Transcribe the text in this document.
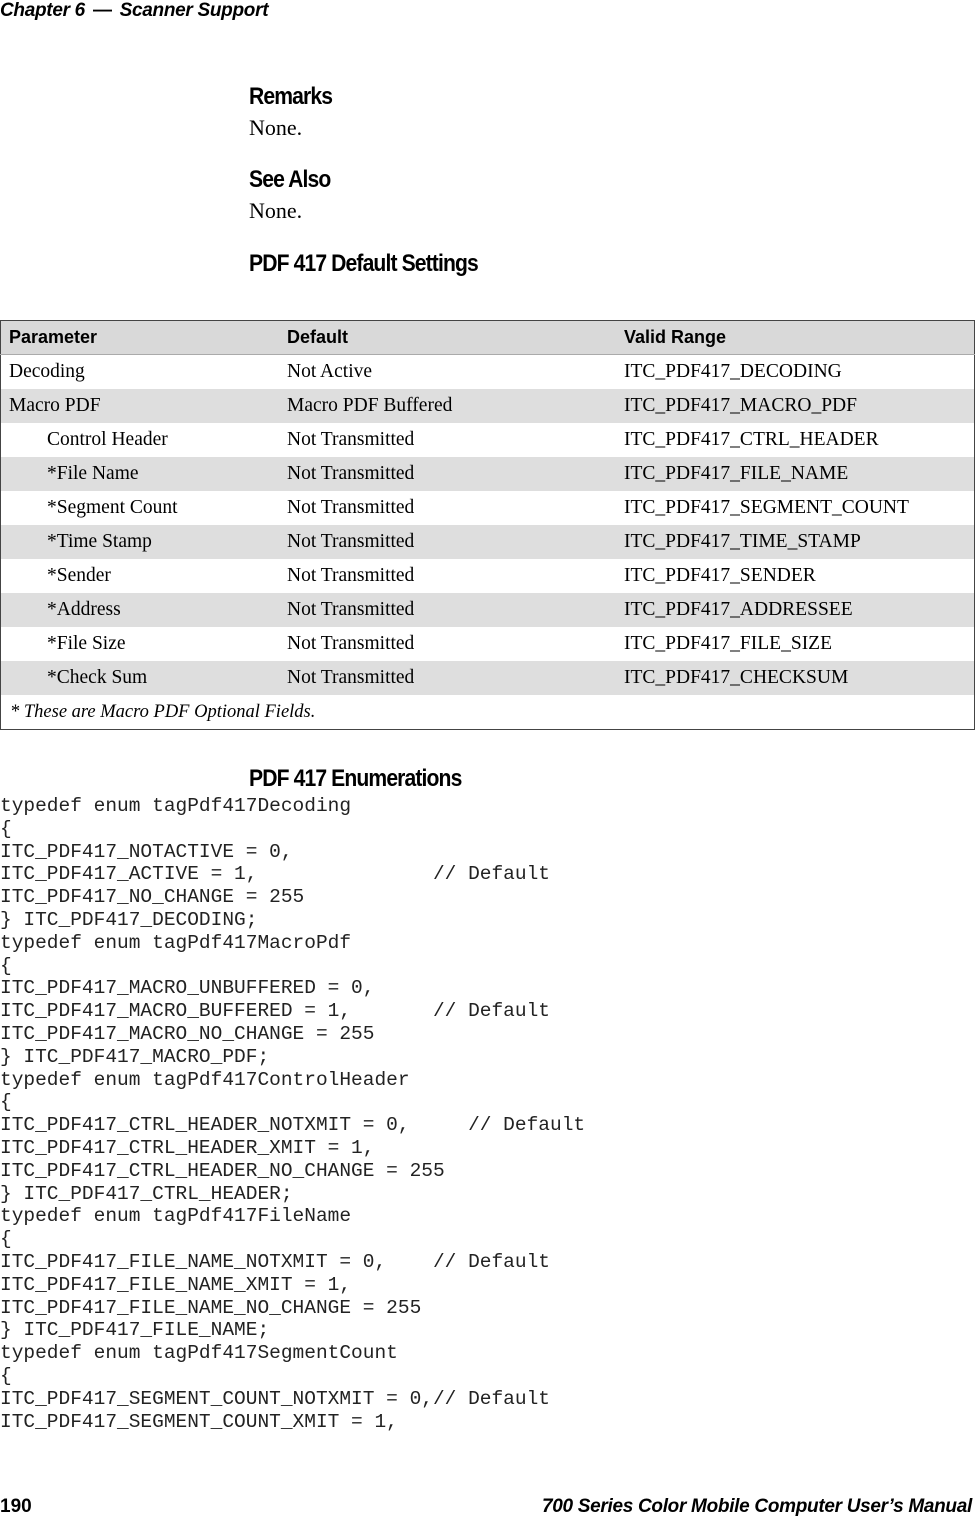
Chapter 6 — Scanner Support
Remarks
None.
See Also
None.
PDF 417 Default Settings
Parameter	Default	Valid Range
Decoding	Not Active	ITC_PDF417_DECODING
Macro PDF	Macro PDF Buffered	ITC_PDF417_MACRO_PDF
Control Header	Not Transmitted	ITC_PDF417_CTRL_HEADER
*File Name	Not Transmitted	ITC_PDF417_FILE_NAME
*Segment Count	Not Transmitted	ITC_PDF417_SEGMENT_COUNT
*Time Stamp	Not Transmitted	ITC_PDF417_TIME_STAMP
*Sender	Not Transmitted	ITC_PDF417_SENDER
*Address	Not Transmitted	ITC_PDF417_ADDRESSEE
*File Size	Not Transmitted	ITC_PDF417_FILE_SIZE
*Check Sum	Not Transmitted	ITC_PDF417_CHECKSUM
* These are Macro PDF Optional Fields.		
PDF 417 Enumerations
typedef enum tagPdf417Decoding
{
ITC_PDF417_NOTACTIVE = 0,
ITC_PDF417_ACTIVE = 1,               // Default
ITC_PDF417_NO_CHANGE = 255
} ITC_PDF417_DECODING;
typedef enum tagPdf417MacroPdf
{
ITC_PDF417_MACRO_UNBUFFERED = 0,
ITC_PDF417_MACRO_BUFFERED = 1,       // Default
ITC_PDF417_MACRO_NO_CHANGE = 255
} ITC_PDF417_MACRO_PDF;
typedef enum tagPdf417ControlHeader
{
ITC_PDF417_CTRL_HEADER_NOTXMIT = 0,     // Default
ITC_PDF417_CTRL_HEADER_XMIT = 1,
ITC_PDF417_CTRL_HEADER_NO_CHANGE = 255
} ITC_PDF417_CTRL_HEADER;
typedef enum tagPdf417FileName
{
ITC_PDF417_FILE_NAME_NOTXMIT = 0,    // Default
ITC_PDF417_FILE_NAME_XMIT = 1,
ITC_PDF417_FILE_NAME_NO_CHANGE = 255
} ITC_PDF417_FILE_NAME;
typedef enum tagPdf417SegmentCount
{
ITC_PDF417_SEGMENT_COUNT_NOTXMIT = 0,// Default
ITC_PDF417_SEGMENT_COUNT_XMIT = 1,
190	700 Series Color Mobile Computer User’s Manual
